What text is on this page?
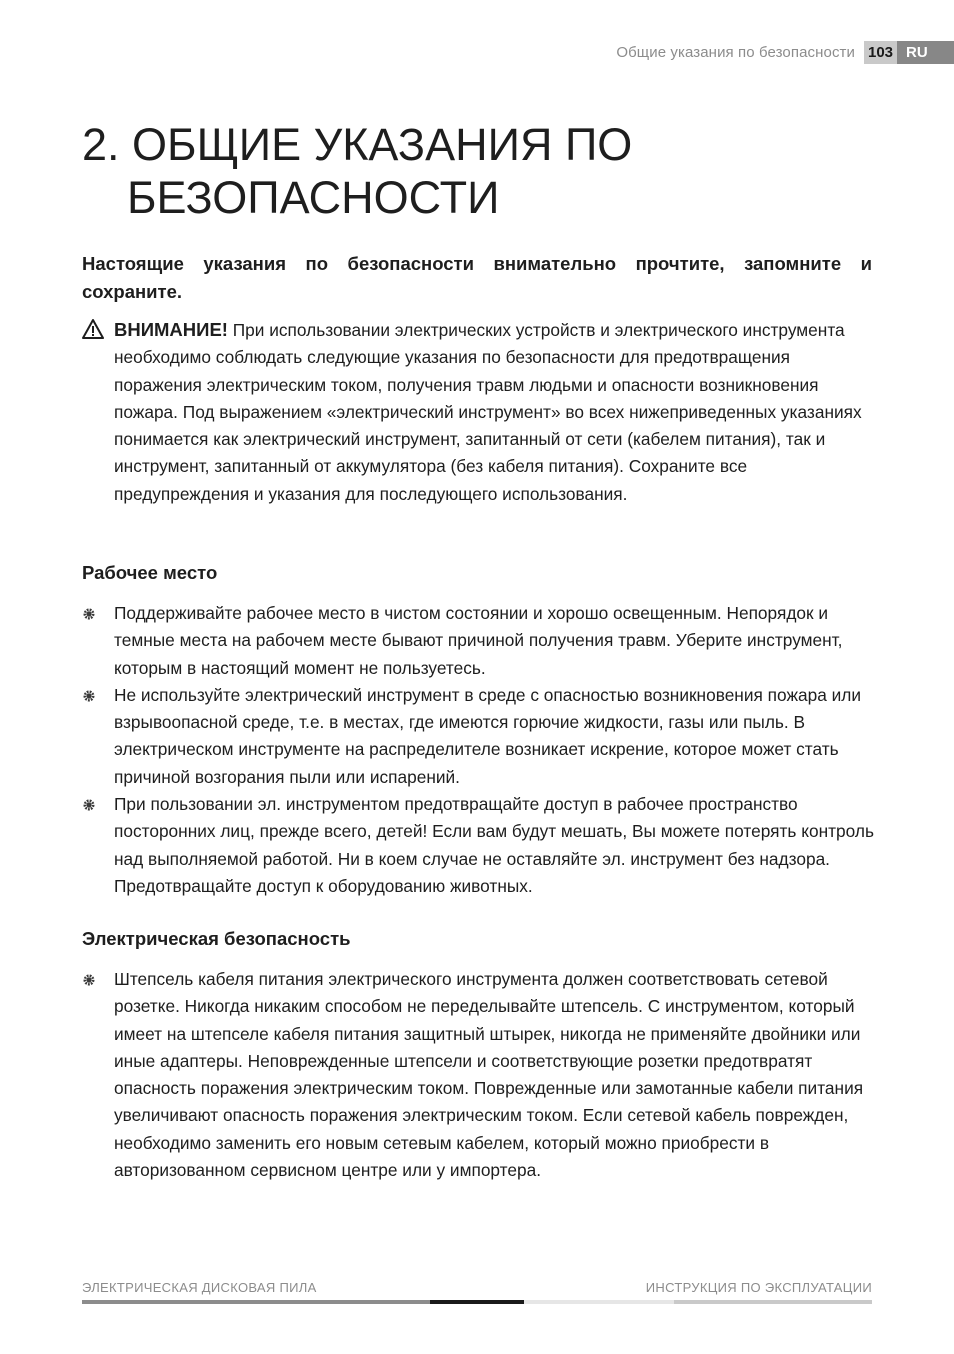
Общие указания по безопасности 103 RU
2. ОБЩИЕ УКАЗАНИЯ ПО
БЕЗОПАСНОСТИ

Настоящие указания по безопасности внимательно прочтите, запомните и сохраните.

ВНИМАНИЕ! При использовании электрических устройств и электрического инструмента необходимо соблюдать следующие указания по безопасности для предотвращения поражения электрическим током, получения травм людьми и опасности возникновения пожара. Под выражением «электрический инструмент» во всех нижеприведенных указаниях понимается как электрический инструмент, запитанный от сети (кабелем питания), так и инструмент, запитанный от аккумулятора (без кабеля питания). Сохраните все предупреждения и указания для последующего использования.
Рабочее место
Поддерживайте рабочее место в чистом состоянии и хорошо освещенным. Непорядок и темные места на рабочем месте бывают причиной получения травм. Уберите инструмент, которым в настоящий момент не пользуетесь.
Не используйте электрический инструмент в среде с опасностью возникновения пожара или взрывоопасной среде, т.е. в местах, где имеются горючие жидкости, газы или пыль. В электрическом инструменте на распределителе возникает искрение, которое может стать причиной возгорания пыли или испарений.
При пользовании эл. инструментом предотвращайте доступ в рабочее пространство посторонних лиц, прежде всего, детей! Если вам будут мешать, Вы можете потерять контроль над выполняемой работой. Ни в коем случае не оставляйте эл. инструмент без надзора. Предотвращайте доступ к оборудованию животных.
Электрическая безопасность
Штепсель кабеля питания электрического инструмента должен соответствовать сетевой розетке. Никогда никаким способом не переделывайте штепсель. С инструментом, который имеет на штепселе кабеля питания защитный штырек, никогда не применяйте двойники или иные адаптеры. Неповрежденные штепсели и соответствующие розетки предотвратят опасность поражения электрическим током. Поврежденные или замотанные кабели питания увеличивают опасность поражения электрическим током. Если сетевой кабель поврежден, необходимо заменить его новым сетевым кабелем, который можно приобрести в авторизованном сервисном центре или у импортера.
ЭЛЕКТРИЧЕСКАЯ ДИСКОВАЯ ПИЛА	ИНСТРУКЦИЯ ПО ЭКСПЛУАТАЦИИ
